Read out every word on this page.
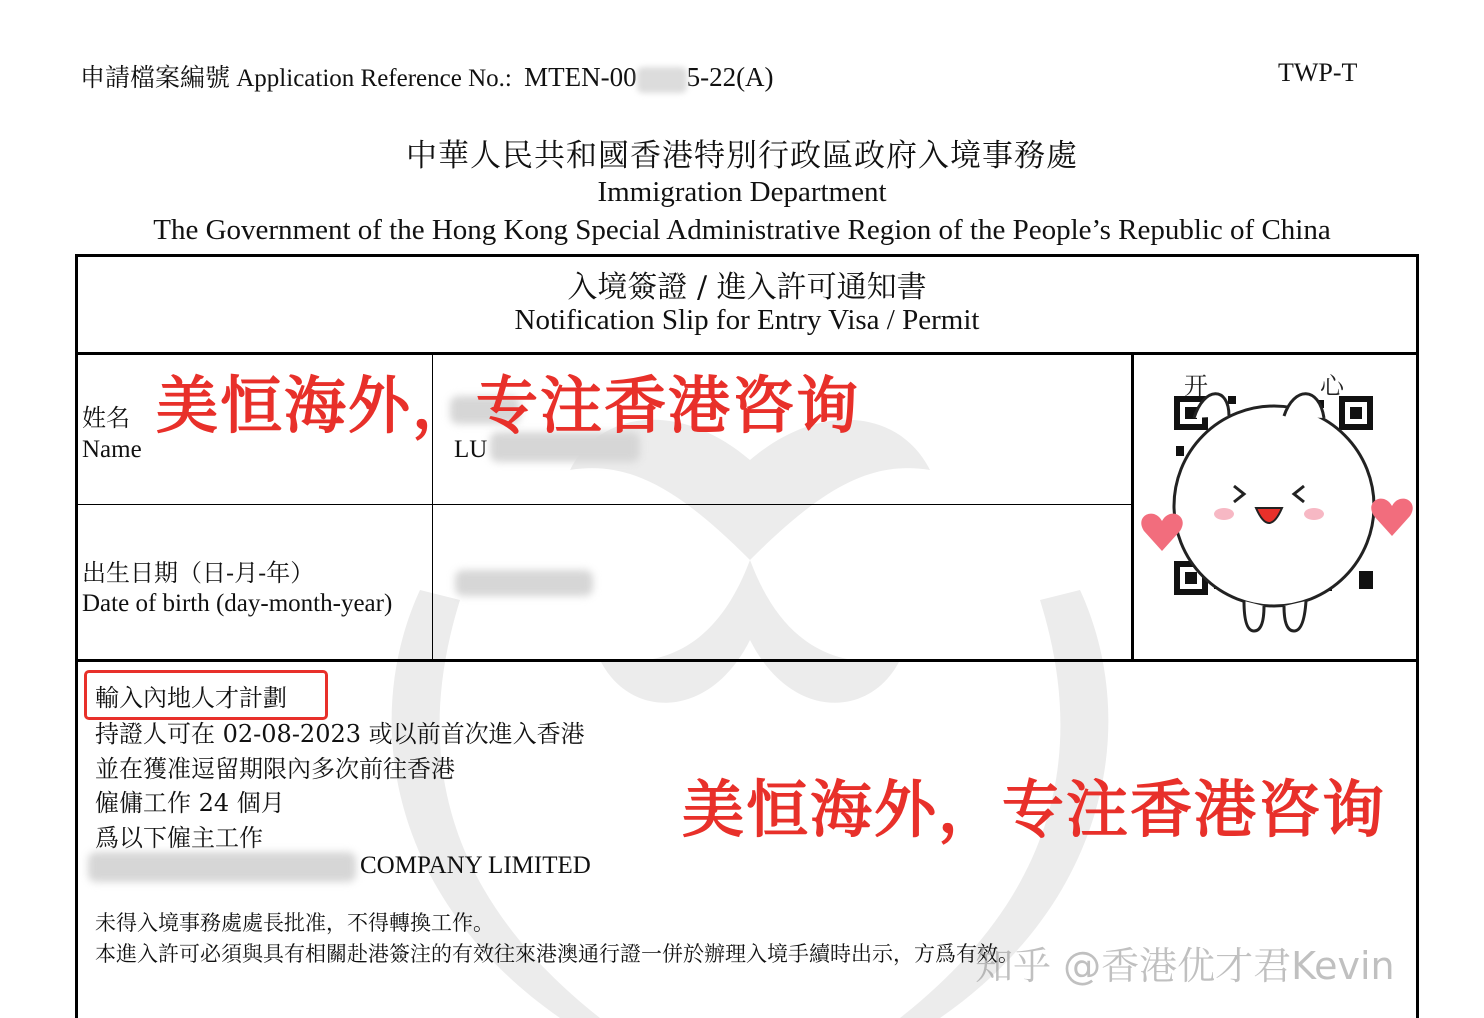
申請檔案編號 Application Reference No.: MTEN-00 5-22(A)	TWP-T
中華人民共和國香港特別行政區政府入境事務處
Immigration Department
The Government of the Hong Kong Special Administrative Region of the People’s Republic of China
入境簽證 / 進入許可通知書
Notification Slip for Entry Visa / Permit
姓名
Name	LU
出生日期（日-月-年）
Date of birth (day-month-year)
开	心
美恒海外，专注香港咨询
輸入內地人才計劃
持證人可在 02-08-2023 或以前首次進入香港
並在獲准逗留期限內多次前往香港
僱傭工作 24 個月
爲以下僱主工作
COMPANY LIMITED
未得入境事務處處長批准，不得轉換工作。
本進入許可必須與具有相關赴港簽注的有效往來港澳通行證一併於辦理入境手續時出示，方爲有效。
美恒海外，专注香港咨询
知乎 @香港优才君Kevin
